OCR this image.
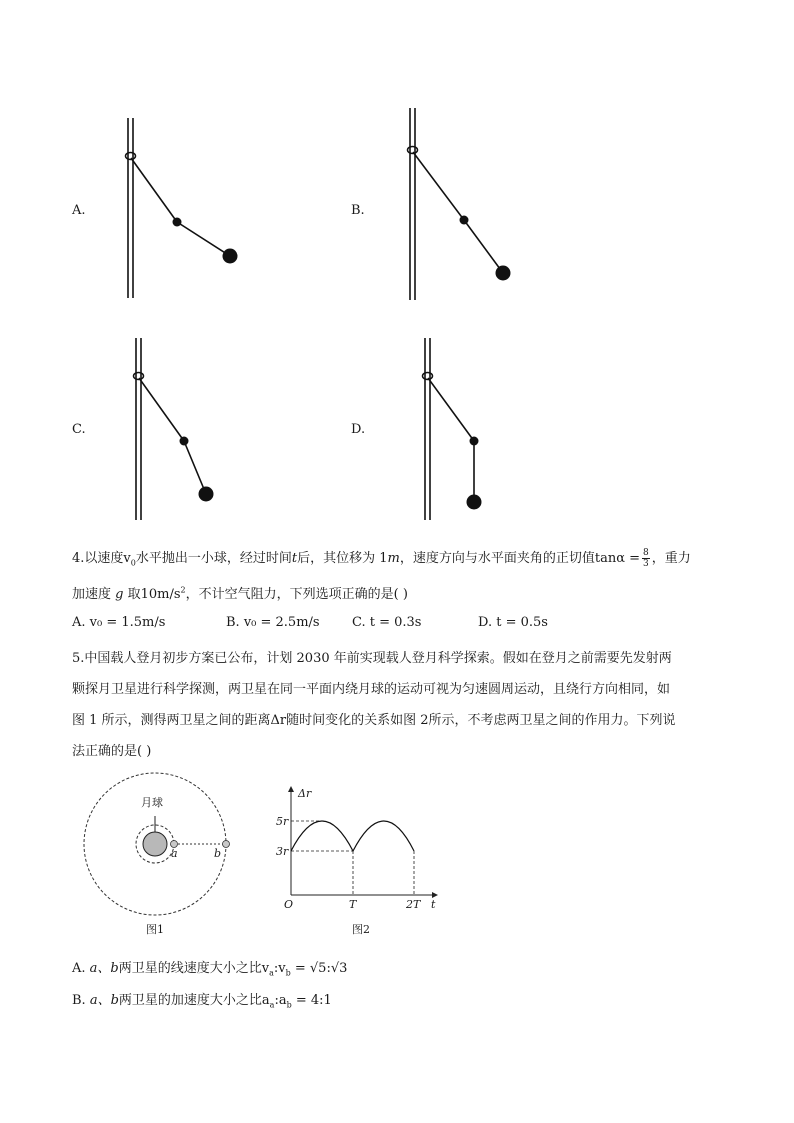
A.	B.
C.	D.
4.以速度$v_0$水平抛出一小球，经过时间t后，其位移为 1m，速度方向与水平面夹角的正切值$\tan\alpha = \frac{8}{3}$ ，重力
加速度 g 取$10m/s^2$，不计空气阻力，下列选项正确的是( )
A. v₀ = 1.5m/s	B. v₀ = 2.5m/s C. t = 0.3s	D. t = 0.5s
5.中国载人登月初步方案已公布，计划 2030 年前实现载人登月科学探索。假如在登月之前需要先发射两
颗探月卫星进行科学探测，两卫星在同一平面内绕月球的运动可视为匀速圆周运动，且绕行方向相同，如
图 1 所示，测得两卫星之间的距离Δr随时间变化的关系如图 2所示，不考虑两卫星之间的作用力。下列说
法正确的是( )
月球
a	b
图1
Δr
5r
3r
O	T	2T t
图2
A. a、b两卫星的线速度大小之比$v_a:v_b$ = √5:√3
B. a、b两卫星的加速度大小之比$a_a:a_b$ = 4:1
